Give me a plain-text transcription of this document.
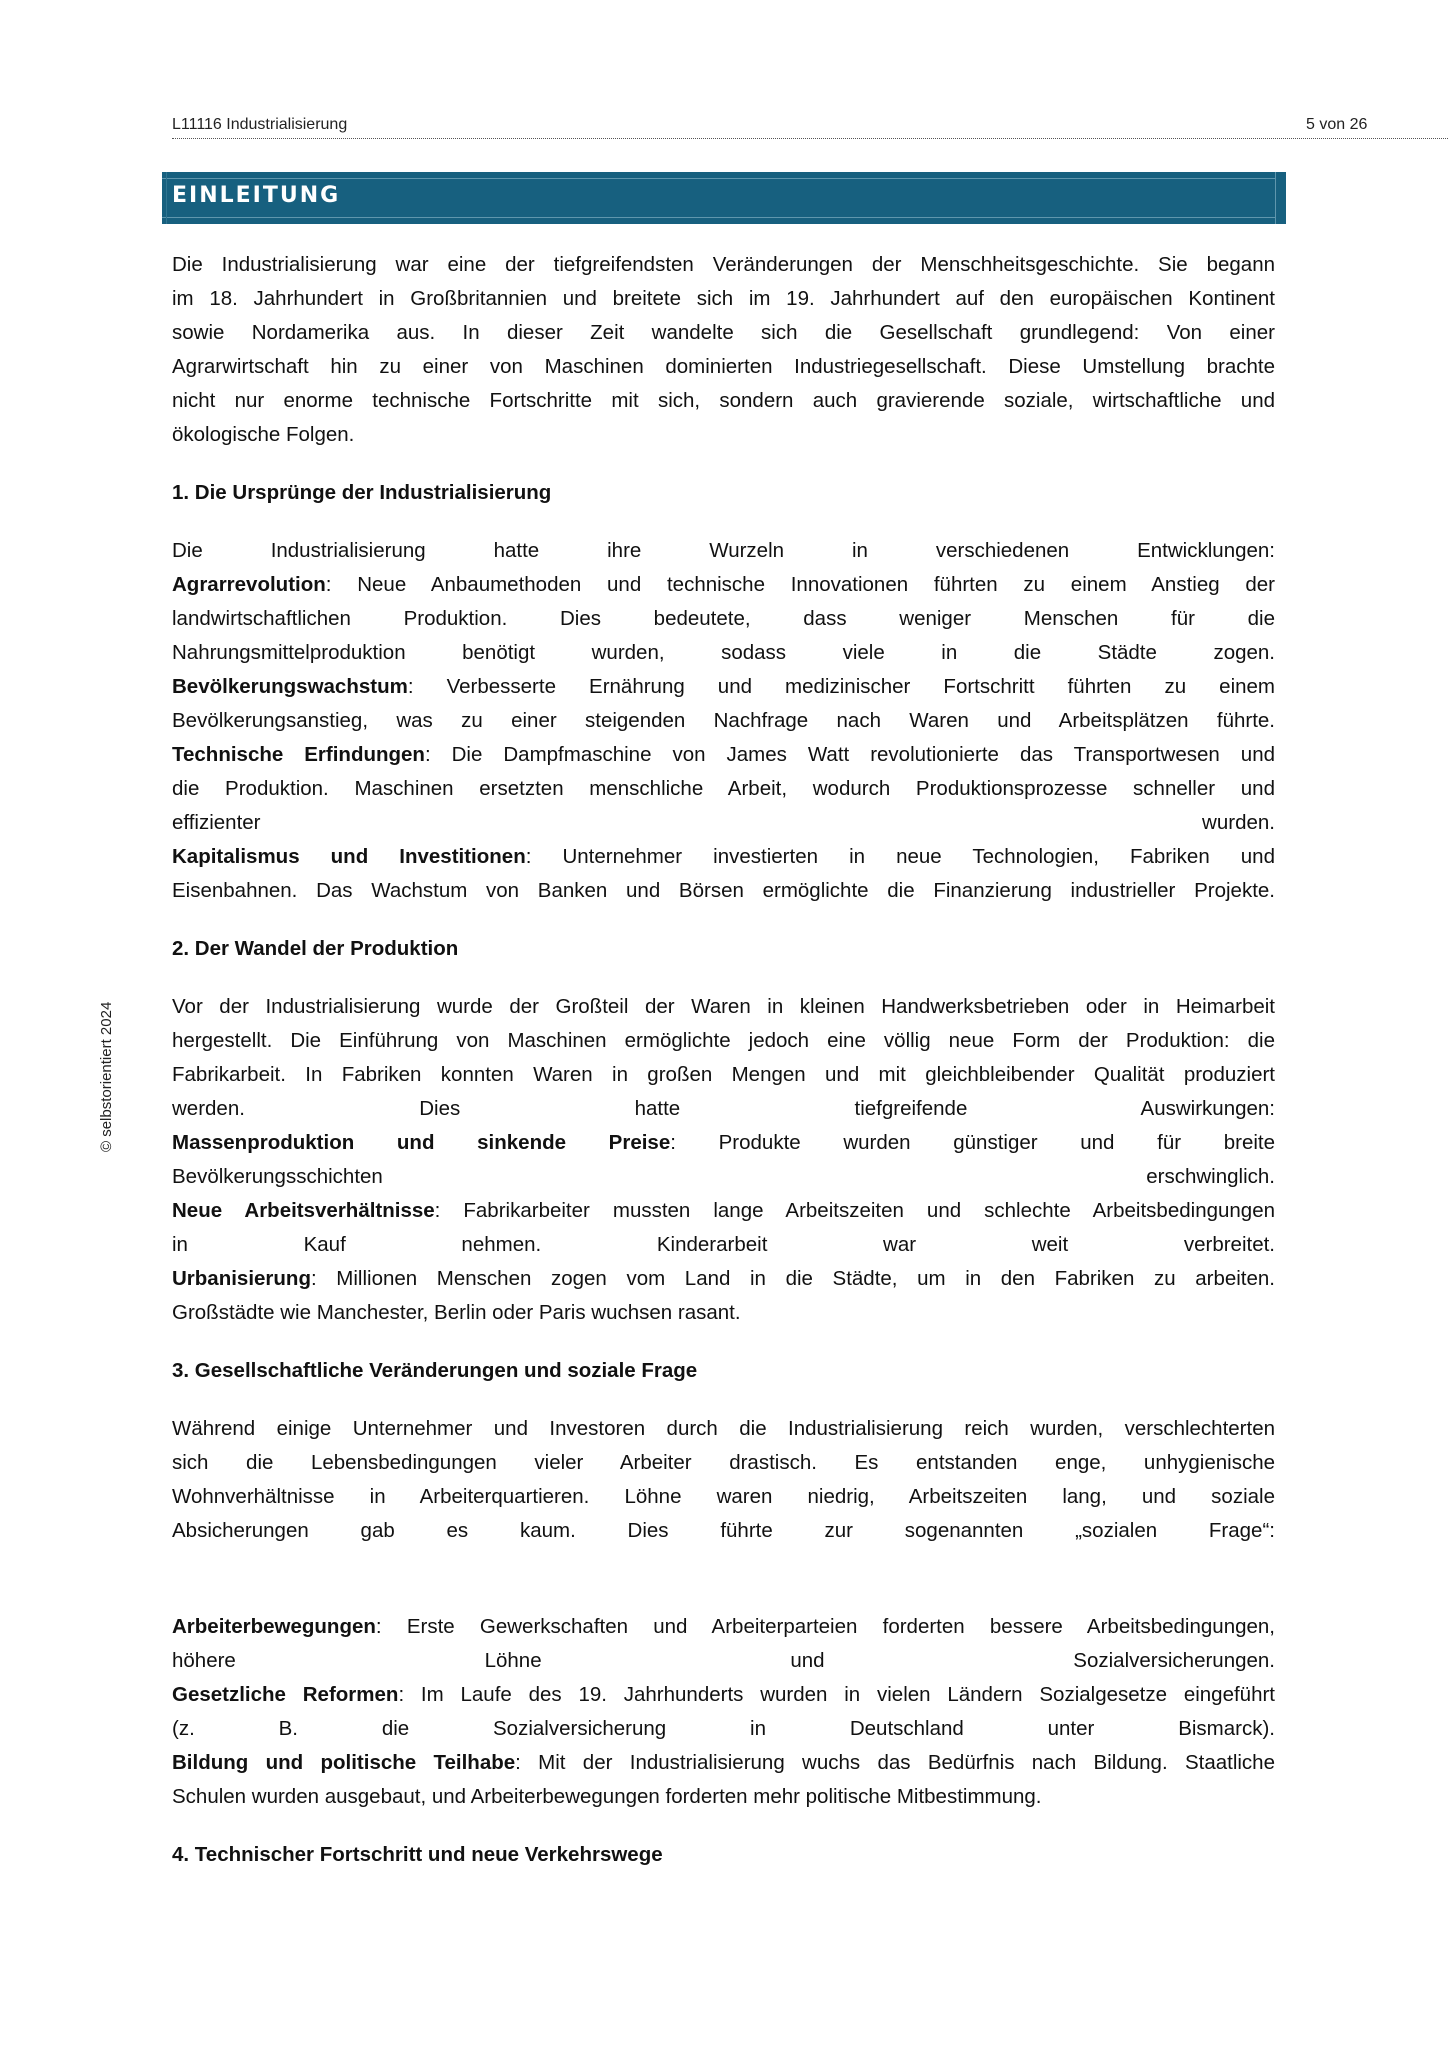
L11116 Industrialisierung	5 von 26
© selbstorientiert 2024
EINLEITUNG
Die Industrialisierung war eine der tiefgreifendsten Veränderungen der Menschheitsgeschichte. Sie begann
im 18. Jahrhundert in Großbritannien und breitete sich im 19. Jahrhundert auf den europäischen Kontinent
sowie Nordamerika aus. In dieser Zeit wandelte sich die Gesellschaft grundlegend: Von einer
Agrarwirtschaft hin zu einer von Maschinen dominierten Industriegesellschaft. Diese Umstellung brachte
nicht nur enorme technische Fortschritte mit sich, sondern auch gravierende soziale, wirtschaftliche und
ökologische Folgen.

1. Die Ursprünge der Industrialisierung

Die Industrialisierung hatte ihre Wurzeln in verschiedenen Entwicklungen:
Agrarrevolution: Neue Anbaumethoden und technische Innovationen führten zu einem Anstieg der
landwirtschaftlichen Produktion. Dies bedeutete, dass weniger Menschen für die
Nahrungsmittelproduktion benötigt wurden, sodass viele in die Städte zogen.
Bevölkerungswachstum: Verbesserte Ernährung und medizinischer Fortschritt führten zu einem
Bevölkerungsanstieg, was zu einer steigenden Nachfrage nach Waren und Arbeitsplätzen führte.
Technische Erfindungen: Die Dampfmaschine von James Watt revolutionierte das Transportwesen und
die Produktion. Maschinen ersetzten menschliche Arbeit, wodurch Produktionsprozesse schneller und
effizienter wurden.
Kapitalismus und Investitionen: Unternehmer investierten in neue Technologien, Fabriken und
Eisenbahnen. Das Wachstum von Banken und Börsen ermöglichte die Finanzierung industrieller Projekte.

2. Der Wandel der Produktion

Vor der Industrialisierung wurde der Großteil der Waren in kleinen Handwerksbetrieben oder in Heimarbeit
hergestellt. Die Einführung von Maschinen ermöglichte jedoch eine völlig neue Form der Produktion: die
Fabrikarbeit. In Fabriken konnten Waren in großen Mengen und mit gleichbleibender Qualität produziert
werden. Dies hatte tiefgreifende Auswirkungen:
Massenproduktion und sinkende Preise: Produkte wurden günstiger und für breite
Bevölkerungsschichten erschwinglich.
Neue Arbeitsverhältnisse: Fabrikarbeiter mussten lange Arbeitszeiten und schlechte Arbeitsbedingungen
in Kauf nehmen. Kinderarbeit war weit verbreitet.
Urbanisierung: Millionen Menschen zogen vom Land in die Städte, um in den Fabriken zu arbeiten.
Großstädte wie Manchester, Berlin oder Paris wuchsen rasant.

3. Gesellschaftliche Veränderungen und soziale Frage

Während einige Unternehmer und Investoren durch die Industrialisierung reich wurden, verschlechterten
sich die Lebensbedingungen vieler Arbeiter drastisch. Es entstanden enge, unhygienische
Wohnverhältnisse in Arbeiterquartieren. Löhne waren niedrig, Arbeitszeiten lang, und soziale
Absicherungen gab es kaum. Dies führte zur sogenannten „sozialen Frage“:
Arbeiterbewegungen: Erste Gewerkschaften und Arbeiterparteien forderten bessere Arbeitsbedingungen,
höhere Löhne und Sozialversicherungen.
Gesetzliche Reformen: Im Laufe des 19. Jahrhunderts wurden in vielen Ländern Sozialgesetze eingeführt
(z. B. die Sozialversicherung in Deutschland unter Bismarck).
Bildung und politische Teilhabe: Mit der Industrialisierung wuchs das Bedürfnis nach Bildung. Staatliche
Schulen wurden ausgebaut, und Arbeiterbewegungen forderten mehr politische Mitbestimmung.

4. Technischer Fortschritt und neue Verkehrswege
